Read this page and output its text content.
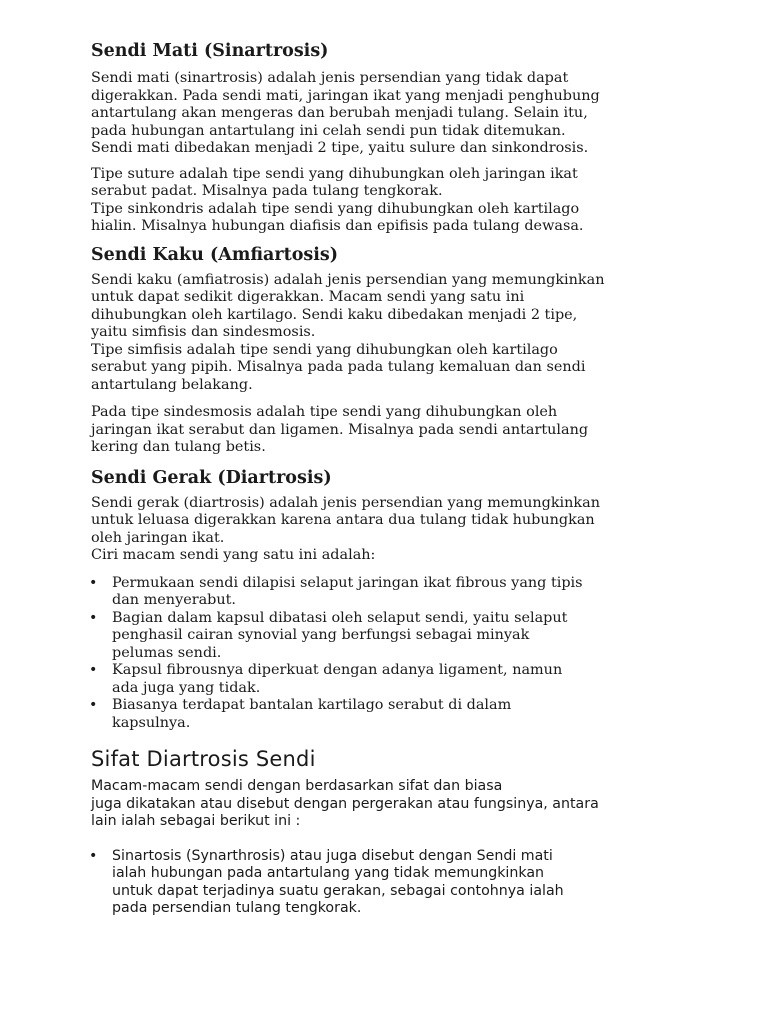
Sendi Mati (Sinartrosis)

Sendi mati (sinartrosis) adalah jenis persendian yang tidak dapat
digerakkan. Pada sendi mati, jaringan ikat yang menjadi penghubung
antartulang akan mengeras dan berubah menjadi tulang. Selain itu,
pada hubungan antartulang ini celah sendi pun tidak ditemukan.
Sendi mati dibedakan menjadi 2 tipe, yaitu sulure dan sinkondrosis.

Tipe suture adalah tipe sendi yang dihubungkan oleh jaringan ikat
serabut padat. Misalnya pada tulang tengkorak.
Tipe sinkondris adalah tipe sendi yang dihubungkan oleh kartilago
hialin. Misalnya hubungan diafisis dan epifisis pada tulang dewasa.

Sendi Kaku (Amfiartosis)

Sendi kaku (amfiatrosis) adalah jenis persendian yang memungkinkan
untuk dapat sedikit digerakkan. Macam sendi yang satu ini
dihubungkan oleh kartilago. Sendi kaku dibedakan menjadi 2 tipe,
yaitu simfisis dan sindesmosis.
Tipe simfisis adalah tipe sendi yang dihubungkan oleh kartilago
serabut yang pipih. Misalnya pada pada tulang kemaluan dan sendi
antartulang belakang.

Pada tipe sindesmosis adalah tipe sendi yang dihubungkan oleh
jaringan ikat serabut dan ligamen. Misalnya pada sendi antartulang
kering dan tulang betis.

Sendi Gerak (Diartrosis)

Sendi gerak (diartrosis) adalah jenis persendian yang memungkinkan
untuk leluasa digerakkan karena antara dua tulang tidak hubungkan
oleh jaringan ikat.
Ciri macam sendi yang satu ini adalah:

• Permukaan sendi dilapisi selaput jaringan ikat fibrous yang tipis
dan menyerabut.
• Bagian dalam kapsul dibatasi oleh selaput sendi, yaitu selaput
penghasil cairan synovial yang berfungsi sebagai minyak
pelumas sendi.
• Kapsul fibrousnya diperkuat dengan adanya ligament, namun
ada juga yang tidak.
• Biasanya terdapat bantalan kartilago serabut di dalam
kapsulnya.
Sifat Diartrosis Sendi

Macam-macam sendi dengan berdasarkan sifat dan biasa
juga dikatakan atau disebut dengan pergerakan atau fungsinya, antara
lain ialah sebagai berikut ini :

• Sinartosis (Synarthrosis) atau juga disebut dengan Sendi mati
ialah hubungan pada antartulang yang tidak memungkinkan
untuk dapat terjadinya suatu gerakan, sebagai contohnya ialah
pada persendian tulang tengkorak.
